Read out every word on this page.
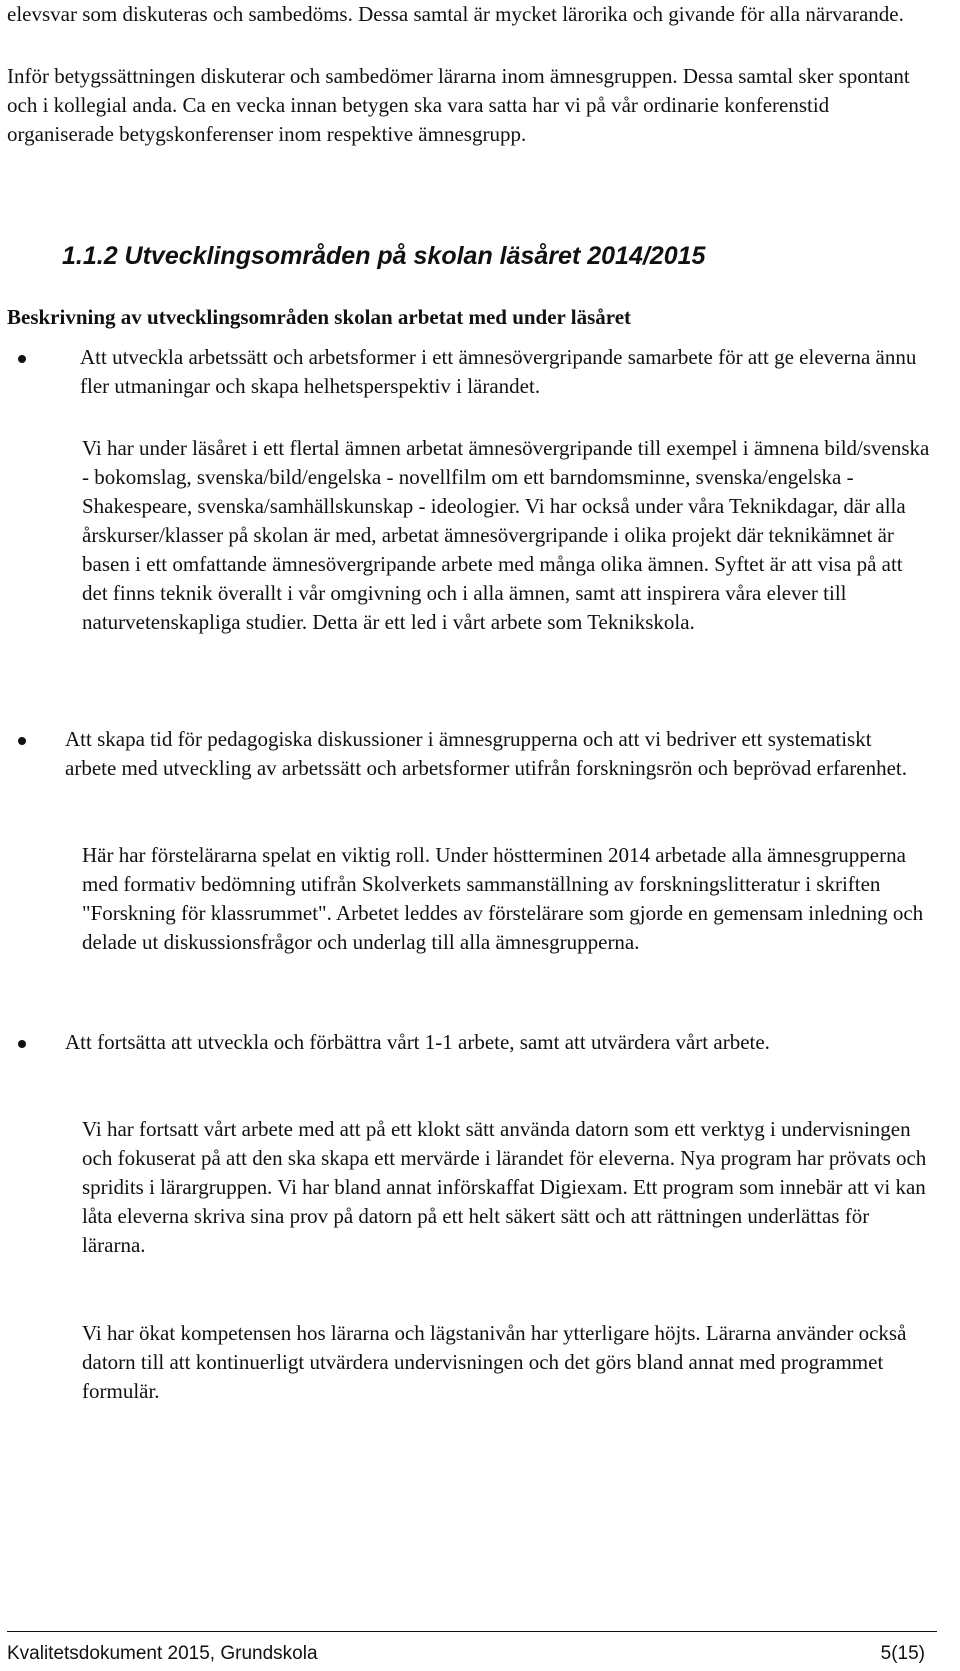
elevsvar som diskuteras och sambedöms. Dessa samtal är mycket lärorika och givande för alla närvarande.

Inför betygssättningen diskuterar och sambedömer lärarna inom ämnesgruppen. Dessa samtal sker spontant och i kollegial anda. Ca en vecka innan betygen ska vara satta har vi på vår ordinarie konferenstid organiserade betygskonferenser inom respektive ämnesgrupp.

1.1.2 Utvecklingsområden på skolan läsåret 2014/2015

Beskrivning av utvecklingsområden skolan arbetat med under läsåret

Att utveckla arbetssätt och arbetsformer i ett ämnesövergripande samarbete för att ge eleverna ännu fler utmaningar och skapa helhetsperspektiv i lärandet.

Vi har under läsåret i ett flertal ämnen arbetat ämnesövergripande till exempel i ämnena bild/svenska - bokomslag, svenska/bild/engelska - novellfilm om ett barndomsminne, svenska/engelska - Shakespeare, svenska/samhällskunskap - ideologier. Vi har också under våra Teknikdagar, där alla årskurser/klasser på skolan är med, arbetat ämnesövergripande i olika projekt där teknikämnet är basen i ett omfattande ämnesövergripande arbete med många olika ämnen. Syftet är att visa på att det finns teknik överallt i vår omgivning och i alla ämnen, samt att inspirera våra elever till naturvetenskapliga studier. Detta är ett led i vårt arbete som Teknikskola.

Att skapa tid för pedagogiska diskussioner i ämnesgrupperna och att vi bedriver ett systematiskt arbete med utveckling av arbetssätt och arbetsformer utifrån forskningsrön och beprövad erfarenhet.

Här har förstelärarna spelat en viktig roll. Under höstterminen 2014 arbetade alla ämnesgrupperna med formativ bedömning utifrån Skolverkets sammanställning av forskningslitteratur i skriften "Forskning för klassrummet". Arbetet leddes av förstelärare som gjorde en gemensam inledning och delade ut diskussionsfrågor och underlag till alla ämnesgrupperna.

Att fortsätta att utveckla och förbättra vårt 1-1 arbete, samt att utvärdera vårt arbete.

Vi har fortsatt vårt arbete med att på ett klokt sätt använda datorn som ett verktyg i undervisningen och fokuserat på att den ska skapa ett mervärde i lärandet för eleverna. Nya program har prövats och spridits i lärargruppen. Vi har bland annat införskaffat Digiexam. Ett program som innebär att vi kan låta eleverna skriva sina prov på datorn på ett helt säkert sätt och att rättningen underlättas för lärarna.

Vi har ökat kompetensen hos lärarna och lägstanivån har ytterligare höjts. Lärarna använder också datorn till att kontinuerligt utvärdera undervisningen och det görs bland annat med programmet formulär.

Kvalitetsdokument 2015, Grundskola	5(15)
